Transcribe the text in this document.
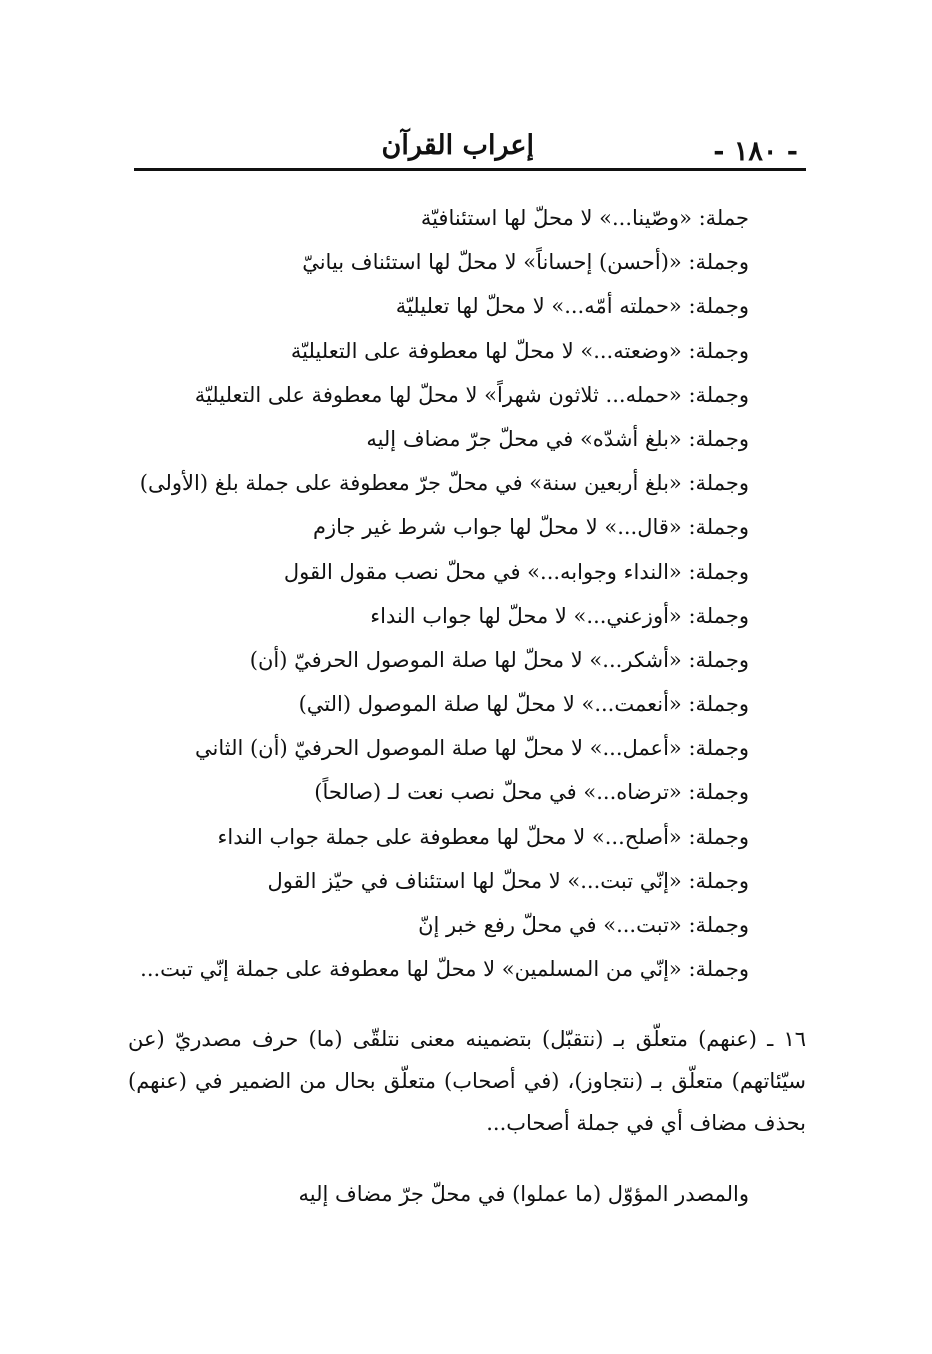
- ١٨٠ -
إعراب القرآن
جملة: «وصّينا...» لا محلّ لها استئنافيّة
وجملة: «(أحسن) إحساناً» لا محلّ لها استئناف بيانيّ
وجملة: «حملته أمّه...» لا محلّ لها تعليليّة
وجملة: «وضعته...» لا محلّ لها معطوفة على التعليليّة
وجملة: «حمله... ثلاثون شهراً» لا محلّ لها معطوفة على التعليليّة
وجملة: «بلغ أشدّه» في محلّ جرّ مضاف إليه
وجملة: «بلغ أربعين سنة» في محلّ جرّ معطوفة على جملة بلغ (الأولى)
وجملة: «قال...» لا محلّ لها جواب شرط غير جازم
وجملة: «النداء وجوابه...» في محلّ نصب مقول القول
وجملة: «أوزعني...» لا محلّ لها جواب النداء
وجملة: «أشكر...» لا محلّ لها صلة الموصول الحرفيّ (أن)
وجملة: «أنعمت...» لا محلّ لها صلة الموصول (التي)
وجملة: «أعمل...» لا محلّ لها صلة الموصول الحرفيّ (أن) الثاني
وجملة: «ترضاه...» في محلّ نصب نعت لـ (صالحاً)
وجملة: «أصلح...» لا محلّ لها معطوفة على جملة جواب النداء
وجملة: «إنّي تبت...» لا محلّ لها استئناف في حيّز القول
وجملة: «تبت...» في محلّ رفع خبر إنّ
وجملة: «إنّي من المسلمين» لا محلّ لها معطوفة على جملة إنّي تبت...

١٦ ـ (عنهم) متعلّق بـ (نتقبّل) بتضمينه معنى نتلقّى (ما) حرف مصدريّ (عن سيّئاتهم) متعلّق بـ (نتجاوز)، (في أصحاب) متعلّق بحال من الضمير في (عنهم) بحذف مضاف أي في جملة أصحاب...

والمصدر المؤوّل (ما عملوا) في محلّ جرّ مضاف إليه
